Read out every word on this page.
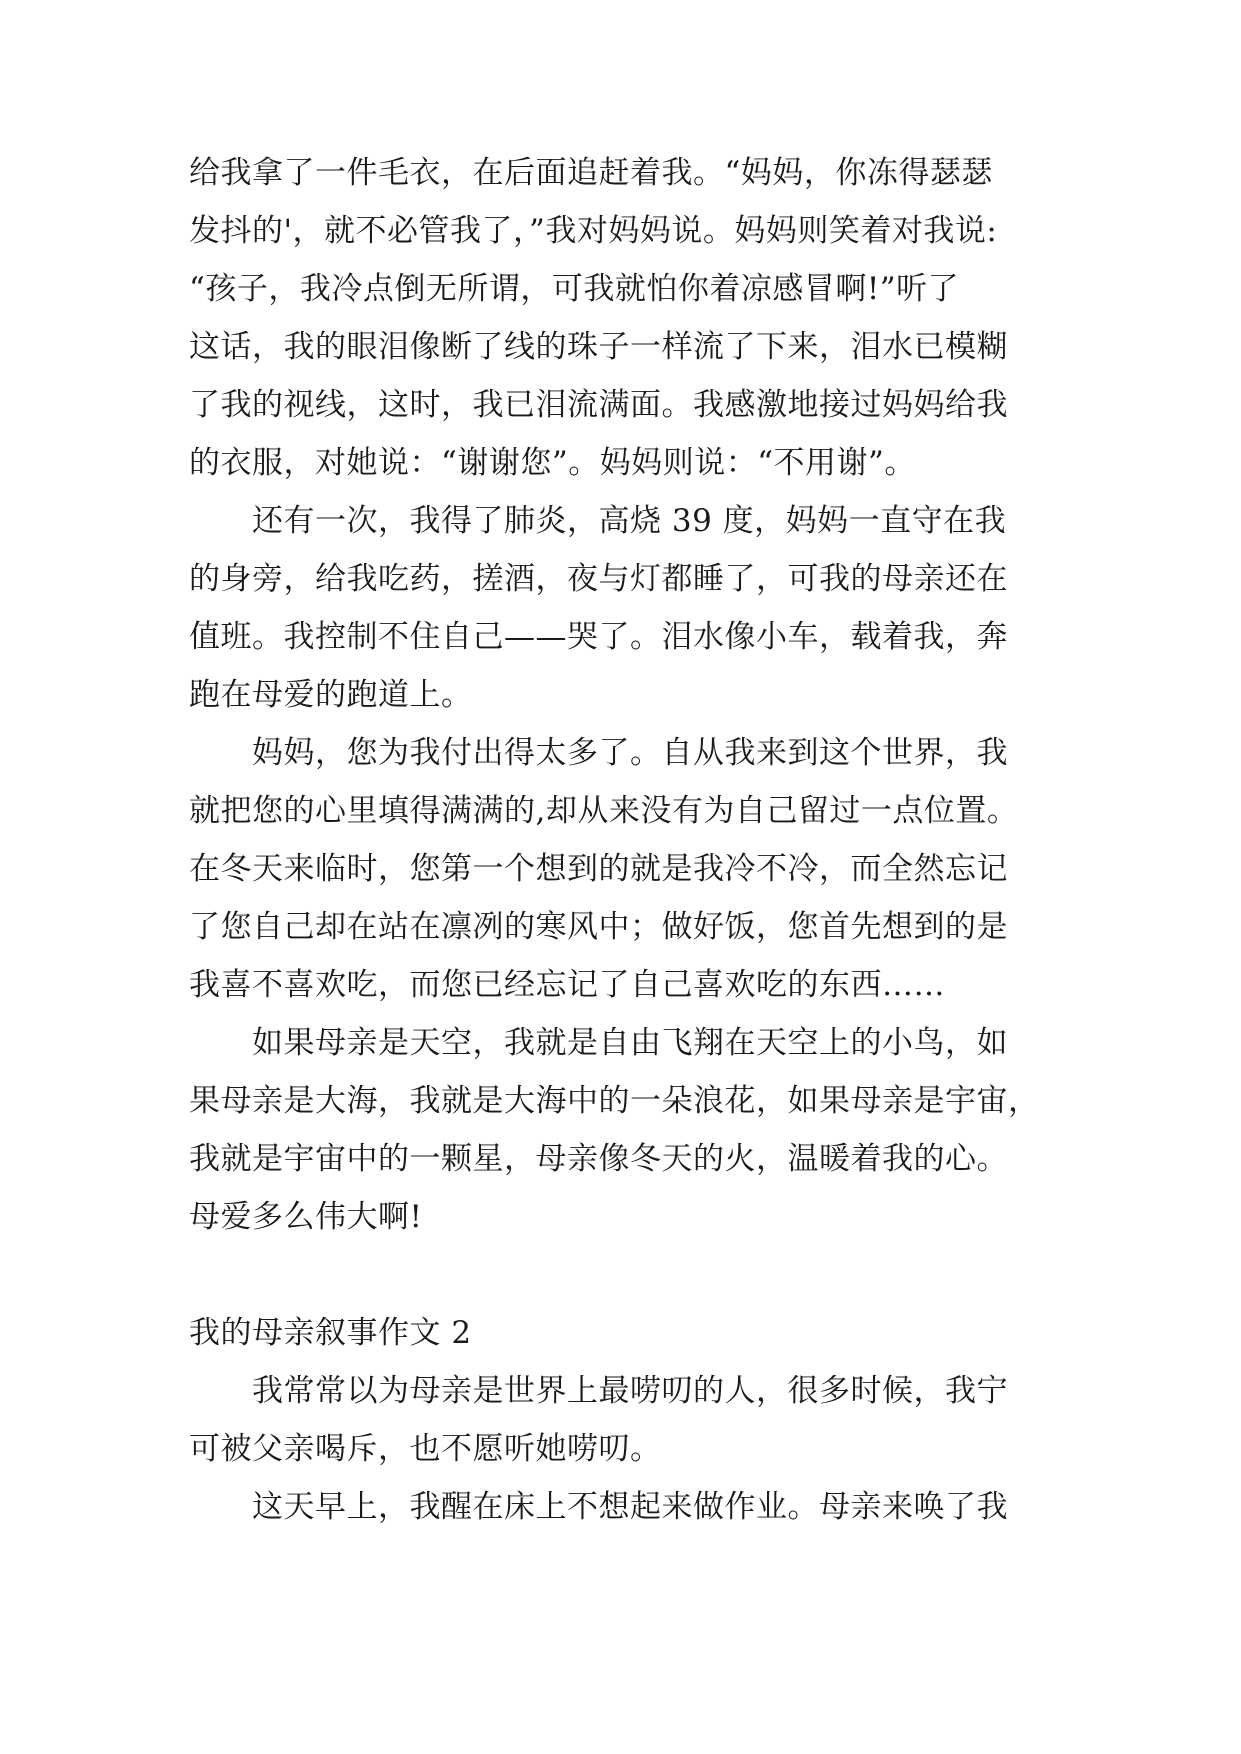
给我拿了一件毛衣，在后面追赶着我。“妈妈，你冻得瑟瑟
发抖的'，就不必管我了，”我对妈妈说。妈妈则笑着对我说:
“孩子，我冷点倒无所谓，可我就怕你着凉感冒啊!”听了
这话，我的眼泪像断了线的珠子一样流了下来，泪水已模糊
了我的视线，这时，我已泪流满面。我感激地接过妈妈给我
的衣服，对她说：“谢谢您”。妈妈则说：“不用谢”。
还有一次，我得了肺炎，高烧 39 度，妈妈一直守在我
的身旁，给我吃药，搓酒，夜与灯都睡了，可我的母亲还在
值班。我控制不住自己——哭了。泪水像小车，载着我，奔
跑在母爱的跑道上。
妈妈，您为我付出得太多了。自从我来到这个世界，我
就把您的心里填得满满的,却从来没有为自己留过一点位置。
在冬天来临时，您第一个想到的就是我冷不冷，而全然忘记
了您自己却在站在凛冽的寒风中；做好饭，您首先想到的是
我喜不喜欢吃，而您已经忘记了自己喜欢吃的东西……
如果母亲是天空，我就是自由飞翔在天空上的小鸟，如
果母亲是大海，我就是大海中的一朵浪花，如果母亲是宇宙，
我就是宇宙中的一颗星，母亲像冬天的火，温暖着我的心。
母爱多么伟大啊!
我的母亲叙事作文 2
我常常以为母亲是世界上最唠叨的人，很多时候，我宁
可被父亲喝斥，也不愿听她唠叨。
这天早上，我醒在床上不想起来做作业。母亲来唤了我
